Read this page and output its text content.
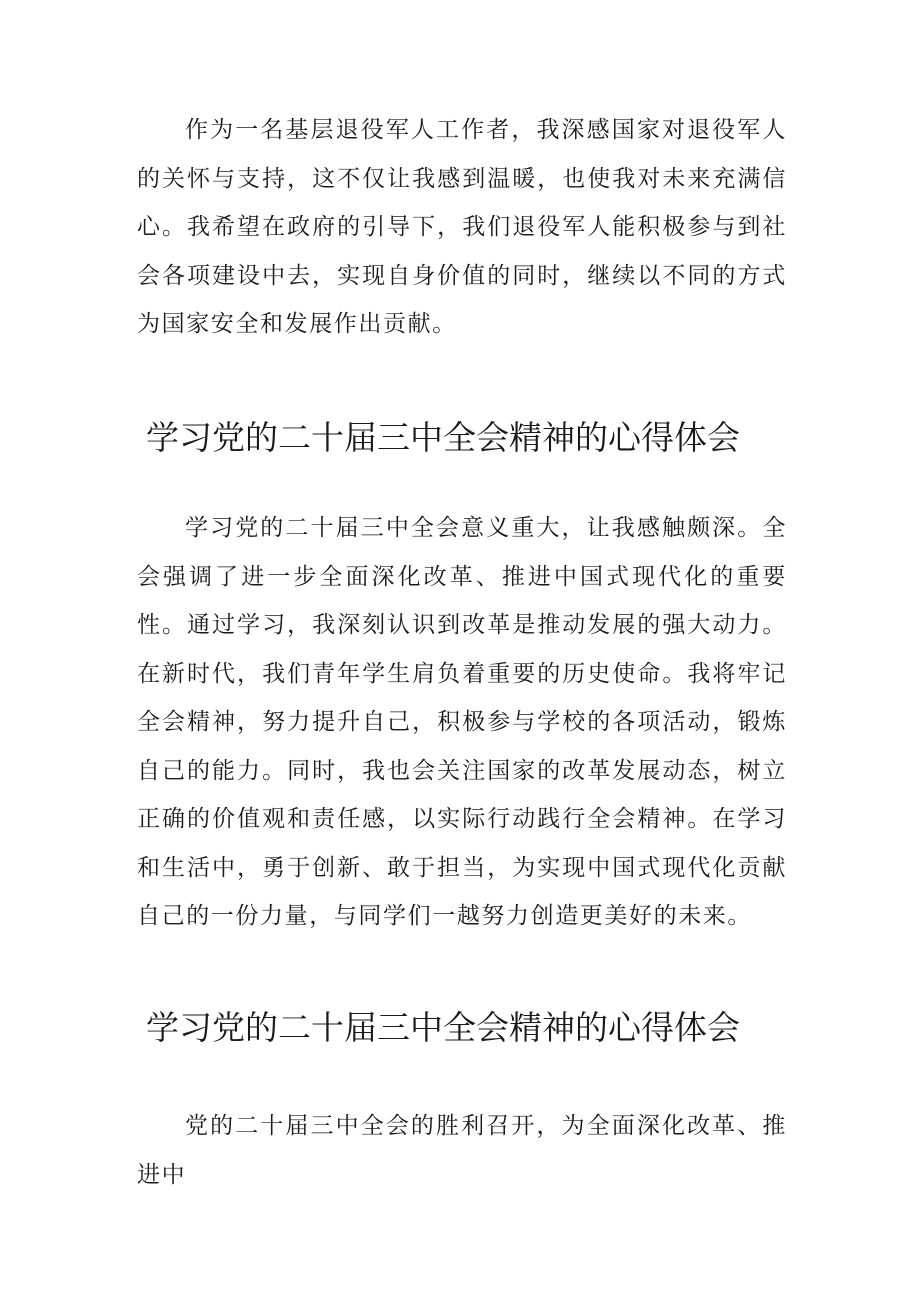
作为一名基层退役军人工作者，我深感国家对退役军人的关怀与支持，这不仅让我感到温暖，也使我对未来充满信心。我希望在政府的引导下，我们退役军人能积极参与到社会各项建设中去，实现自身价值的同时，继续以不同的方式为国家安全和发展作出贡献。

学习党的二十届三中全会精神的心得体会

学习党的二十届三中全会意义重大，让我感触颇深。全会强调了进一步全面深化改革、推进中国式现代化的重要性。通过学习，我深刻认识到改革是推动发展的强大动力。在新时代，我们青年学生肩负着重要的历史使命。我将牢记全会精神，努力提升自己，积极参与学校的各项活动，锻炼自己的能力。同时，我也会关注国家的改革发展动态，树立正确的价值观和责任感，以实际行动践行全会精神。在学习和生活中，勇于创新、敢于担当，为实现中国式现代化贡献自己的一份力量，与同学们一越努力创造更美好的未来。

学习党的二十届三中全会精神的心得体会

党的二十届三中全会的胜利召开，为全面深化改革、推进中
